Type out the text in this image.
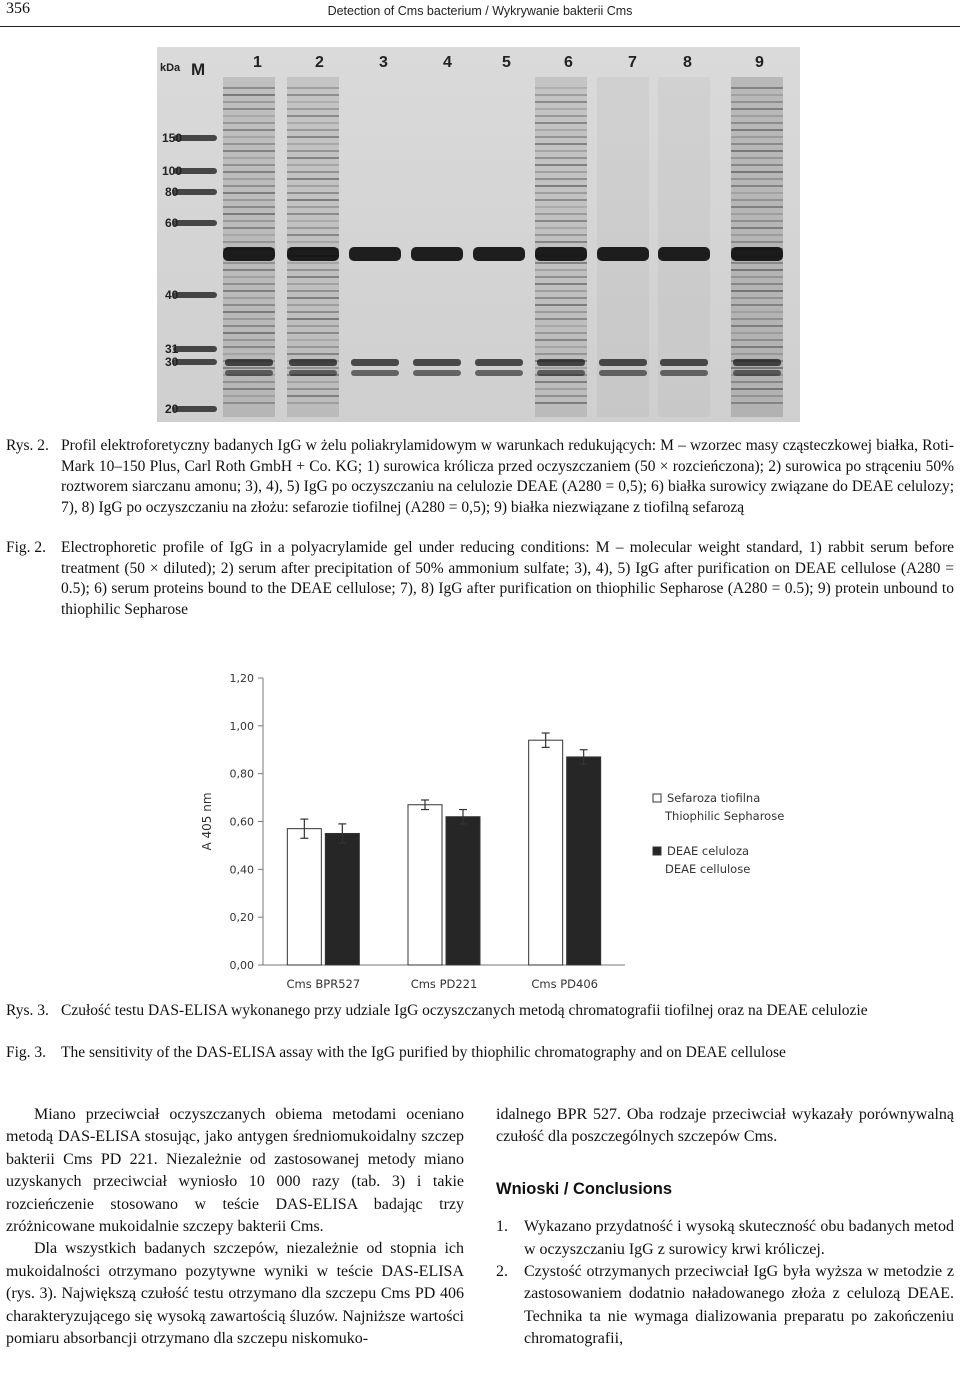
356	Detection of Cms bacterium / Wykrywanie bakterii Cms
kDa M	1	2	3	4	5	6	7	8	9
150
100
80
60
40
31
30
20
Rys. 2. Profil elektroforetyczny badanych IgG w żelu poliakrylamidowym w warunkach redukujących: M – wzorzec masy cząsteczkowej białka, Roti-Mark 10–150 Plus, Carl Roth GmbH + Co. KG; 1) surowica królicza przed oczyszczaniem (50 × rozcieńczona); 2) surowica po strąceniu 50% roztworem siarczanu amonu; 3), 4), 5) IgG po oczyszczaniu na celulozie DEAE (A280 = 0,5); 6) białka surowicy związane do DEAE celulozy; 7), 8) IgG po oczyszczaniu na złożu: sefarozie tiofilnej (A280 = 0,5); 9) białka niezwiązane z tiofilną sefarozą
Fig. 2. Electrophoretic profile of IgG in a polyacrylamide gel under reducing conditions: M – molecular weight standard, 1) rabbit serum before treatment (50 × diluted); 2) serum after precipitation of 50% ammonium sulfate; 3), 4), 5) IgG after purification on DEAE cellulose (A280 = 0.5); 6) serum proteins bound to the DEAE cellulose; 7), 8) IgG after purification on thiophilic Sepharose (A280 = 0.5); 9) protein unbound to thiophilic Sepharose
0,00
0,20
0,40
0,60
0,80
1,00
1,20
A 405 nm
Cms BPR527	Cms PD221	Cms PD406
Sefaroza tiofilna
Thiophilic Sepharose
DEAE celuloza
DEAE cellulose
Rys. 3. Czułość testu DAS-ELISA wykonanego przy udziale IgG oczyszczanych metodą chromatografii tiofilnej oraz na DEAE celulozie
Fig. 3. The sensitivity of the DAS-ELISA assay with the IgG purified by thiophilic chromatography and on DEAE cellulose

Miano przeciwciał oczyszczanych obiema metodami oceniano metodą DAS-ELISA stosując, jako antygen średniomukoidalny szczep bakterii Cms PD 221. Niezależnie od zastosowanej metody miano uzyskanych przeciwciał wyniosło 10 000 razy (tab. 3) i takie rozcieńczenie stosowano w teście DAS-ELISA badając trzy zróżnicowane mukoidalnie szczepy bakterii Cms.

Dla wszystkich badanych szczepów, niezależnie od stopnia ich mukoidalności otrzymano pozytywne wyniki w teście DAS-ELISA (rys. 3). Największą czułość testu otrzymano dla szczepu Cms PD 406 charakteryzującego się wysoką zawartością śluzów. Najniższe wartości pomiaru absorbancji otrzymano dla szczepu niskomuko-

idalnego BPR 527. Oba rodzaje przeciwciał wykazały porównywalną czułość dla poszczególnych szczepów Cms.

Wnioski / Conclusions
1. Wykazano przydatność i wysoką skuteczność obu badanych metod w oczyszczaniu IgG z surowicy krwi króliczej.
2. Czystość otrzymanych przeciwciał IgG była wyższa w metodzie z zastosowaniem dodatnio naładowanego złoża z celulozą DEAE. Technika ta nie wymaga dializowania preparatu po zakończeniu chromatografii,
